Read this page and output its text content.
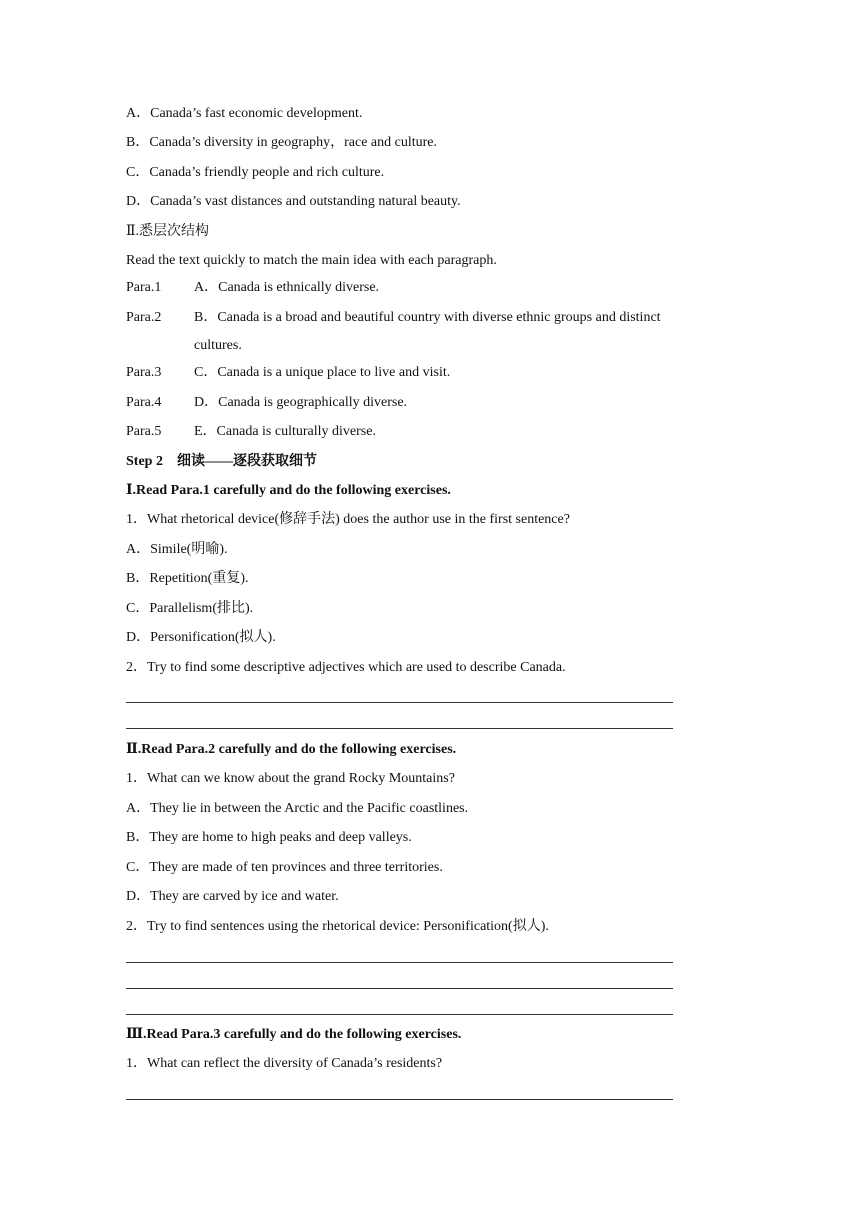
A．Canada’s fast economic development.
B．Canada’s diversity in geography，race and culture.
C．Canada’s friendly people and rich culture.
D．Canada’s vast distances and outstanding natural beauty.
Ⅱ.悉层次结构
Read the text quickly to match the main idea with each paragraph.
Para.1 A．Canada is ethnically diverse.
Para.2 B．Canada is a broad and beautiful country with diverse ethnic groups and distinct
cultures.
Para.3 C．Canada is a unique place to live and visit.
Para.4 D．Canada is geographically diverse.
Para.5 E．Canada is culturally diverse.
Step 2　细读——逐段获取细节
Ⅰ.Read Para.1 carefully and do the following exercises.
1．What rhetorical device(修辞手法) does the author use in the first sentence?
A．Simile(明喻).
B．Repetition(重复).
C．Parallelism(排比).
D．Personification(拟人).
2．Try to find some descriptive adjectives which are used to describe Canada.
Ⅱ.Read Para.2 carefully and do the following exercises.
1．What can we know about the grand Rocky Mountains?
A．They lie in between the Arctic and the Pacific coastlines.
B．They are home to high peaks and deep valleys.
C．They are made of ten provinces and three territories.
D．They are carved by ice and water.
2．Try to find sentences using the rhetorical device: Personification(拟人).
Ⅲ.Read Para.3 carefully and do the following exercises.
1．What can reflect the diversity of Canada’s residents?
